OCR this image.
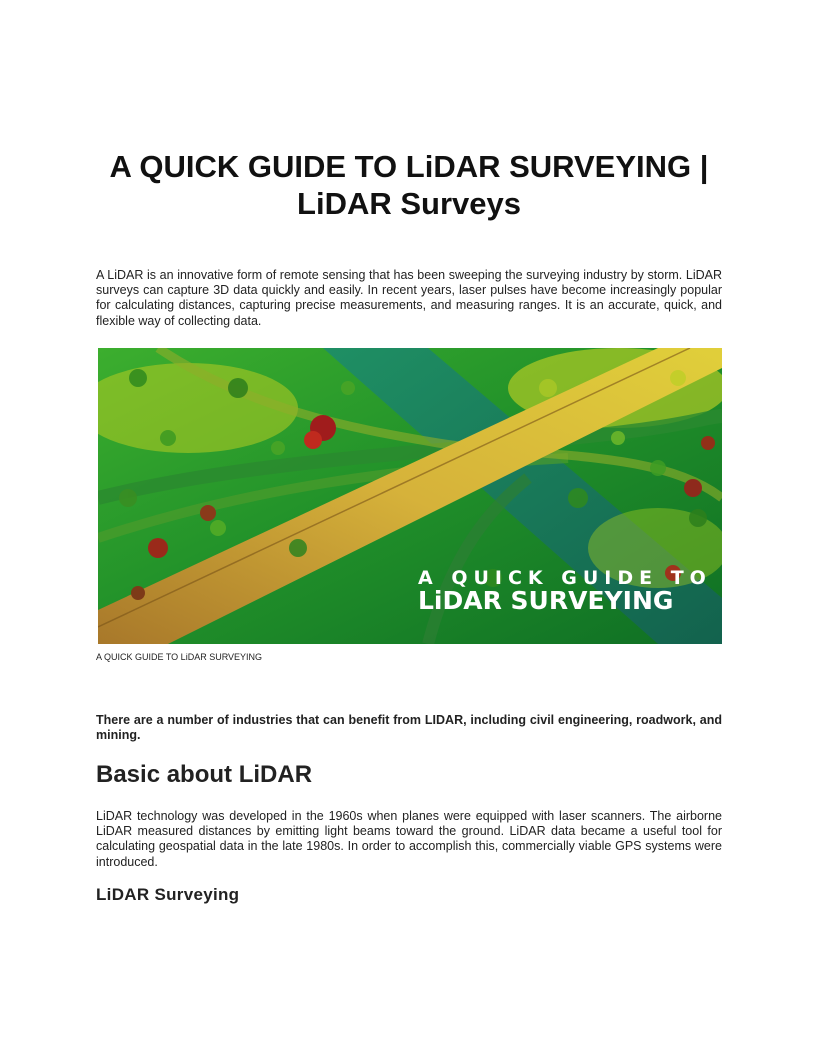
A QUICK GUIDE TO LiDAR SURVEYING | LiDAR Surveys

A LiDAR is an innovative form of remote sensing that has been sweeping the surveying industry by storm. LiDAR surveys can capture 3D data quickly and easily. In recent years, laser pulses have become increasingly popular for calculating distances, capturing precise measurements, and measuring ranges. It is an accurate, quick, and flexible way of collecting data.

A QUICK GUIDE TO
LiDAR SURVEYING

A QUICK GUIDE TO LiDAR SURVEYING

There are a number of industries that can benefit from LIDAR, including civil engineering, roadwork, and mining.

Basic about LiDAR

LiDAR technology was developed in the 1960s when planes were equipped with laser scanners. The airborne LiDAR measured distances by emitting light beams toward the ground. LiDAR data became a useful tool for calculating geospatial data in the late 1980s. In order to accomplish this, commercially viable GPS systems were introduced.

LiDAR Surveying
